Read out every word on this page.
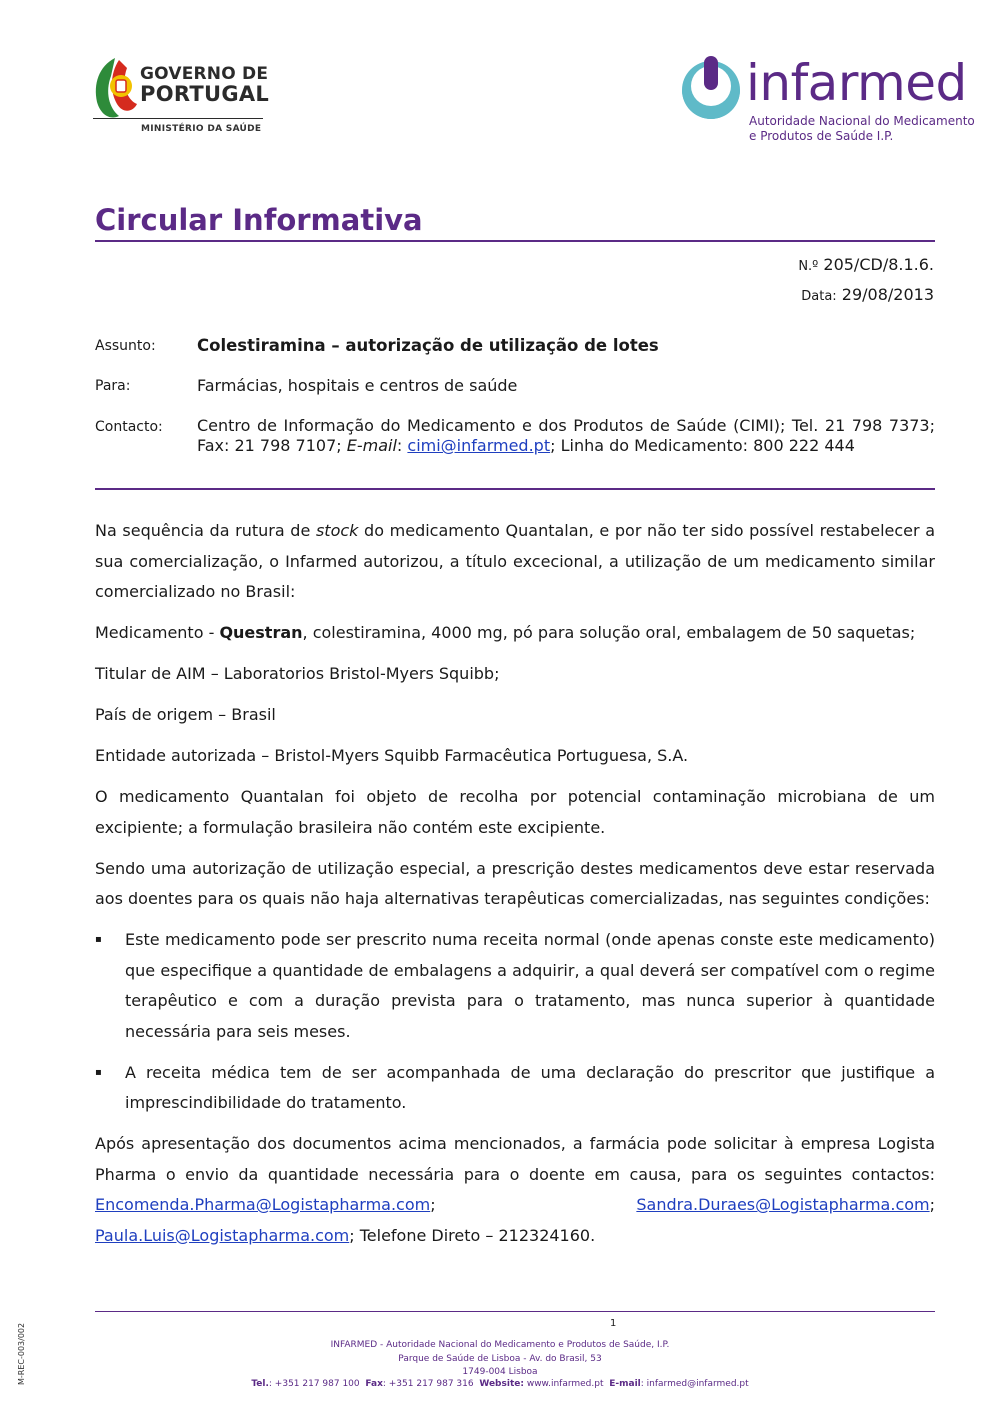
GOVERNO DE
PORTUGAL
MINISTÉRIO DA SAÚDE
infarmed
Autoridade Nacional do Medicamento
e Produtos de Saúde I.P.
Circular Informativa
N.º 205/CD/8.1.6.
Data: 29/08/2013
Assunto:	Colestiramina – autorização de utilização de lotes
Para:	Farmácias, hospitais e centros de saúde
Contacto: Centro de Informação do Medicamento e dos Produtos de Saúde (CIMI); Tel. 21 798 7373; Fax: 21 798 7107; E-mail: cimi@infarmed.pt; Linha do Medicamento: 800 222 444

Na sequência da rutura de stock do medicamento Quantalan, e por não ter sido possível restabelecer a sua comercialização, o Infarmed autorizou, a título excecional, a utilização de um medicamento similar comercializado no Brasil:

Medicamento - Questran, colestiramina, 4000 mg, pó para solução oral, embalagem de 50 saquetas;

Titular de AIM – Laboratorios Bristol-Myers Squibb;

País de origem – Brasil

Entidade autorizada – Bristol-Myers Squibb Farmacêutica Portuguesa, S.A.

O medicamento Quantalan foi objeto de recolha por potencial contaminação microbiana de um excipiente; a formulação brasileira não contém este excipiente.

Sendo uma autorização de utilização especial, a prescrição destes medicamentos deve estar reservada aos doentes para os quais não haja alternativas terapêuticas comercializadas, nas seguintes condições:

▪ Este medicamento pode ser prescrito numa receita normal (onde apenas conste este medicamento) que especifique a quantidade de embalagens a adquirir, a qual deverá ser compatível com o regime terapêutico e com a duração prevista para o tratamento, mas nunca superior à quantidade necessária para seis meses.
▪ A receita médica tem de ser acompanhada de uma declaração do prescritor que justifique a imprescindibilidade do tratamento.

Após apresentação dos documentos acima mencionados, a farmácia pode solicitar à empresa Logista Pharma o envio da quantidade necessária para o doente em causa, para os seguintes contactos: Encomenda.Pharma@Logistapharma.com; Sandra.Duraes@Logistapharma.com; Paula.Luis@Logistapharma.com; Telefone Direto – 212324160.

1
INFARMED - Autoridade Nacional do Medicamento e Produtos de Saúde, I.P.
Parque de Saúde de Lisboa - Av. do Brasil, 53
1749-004 Lisboa
Tel.: +351 217 987 100 Fax: +351 217 987 316 Website: www.infarmed.pt E-mail: infarmed@infarmed.pt
M-REC-003/002
